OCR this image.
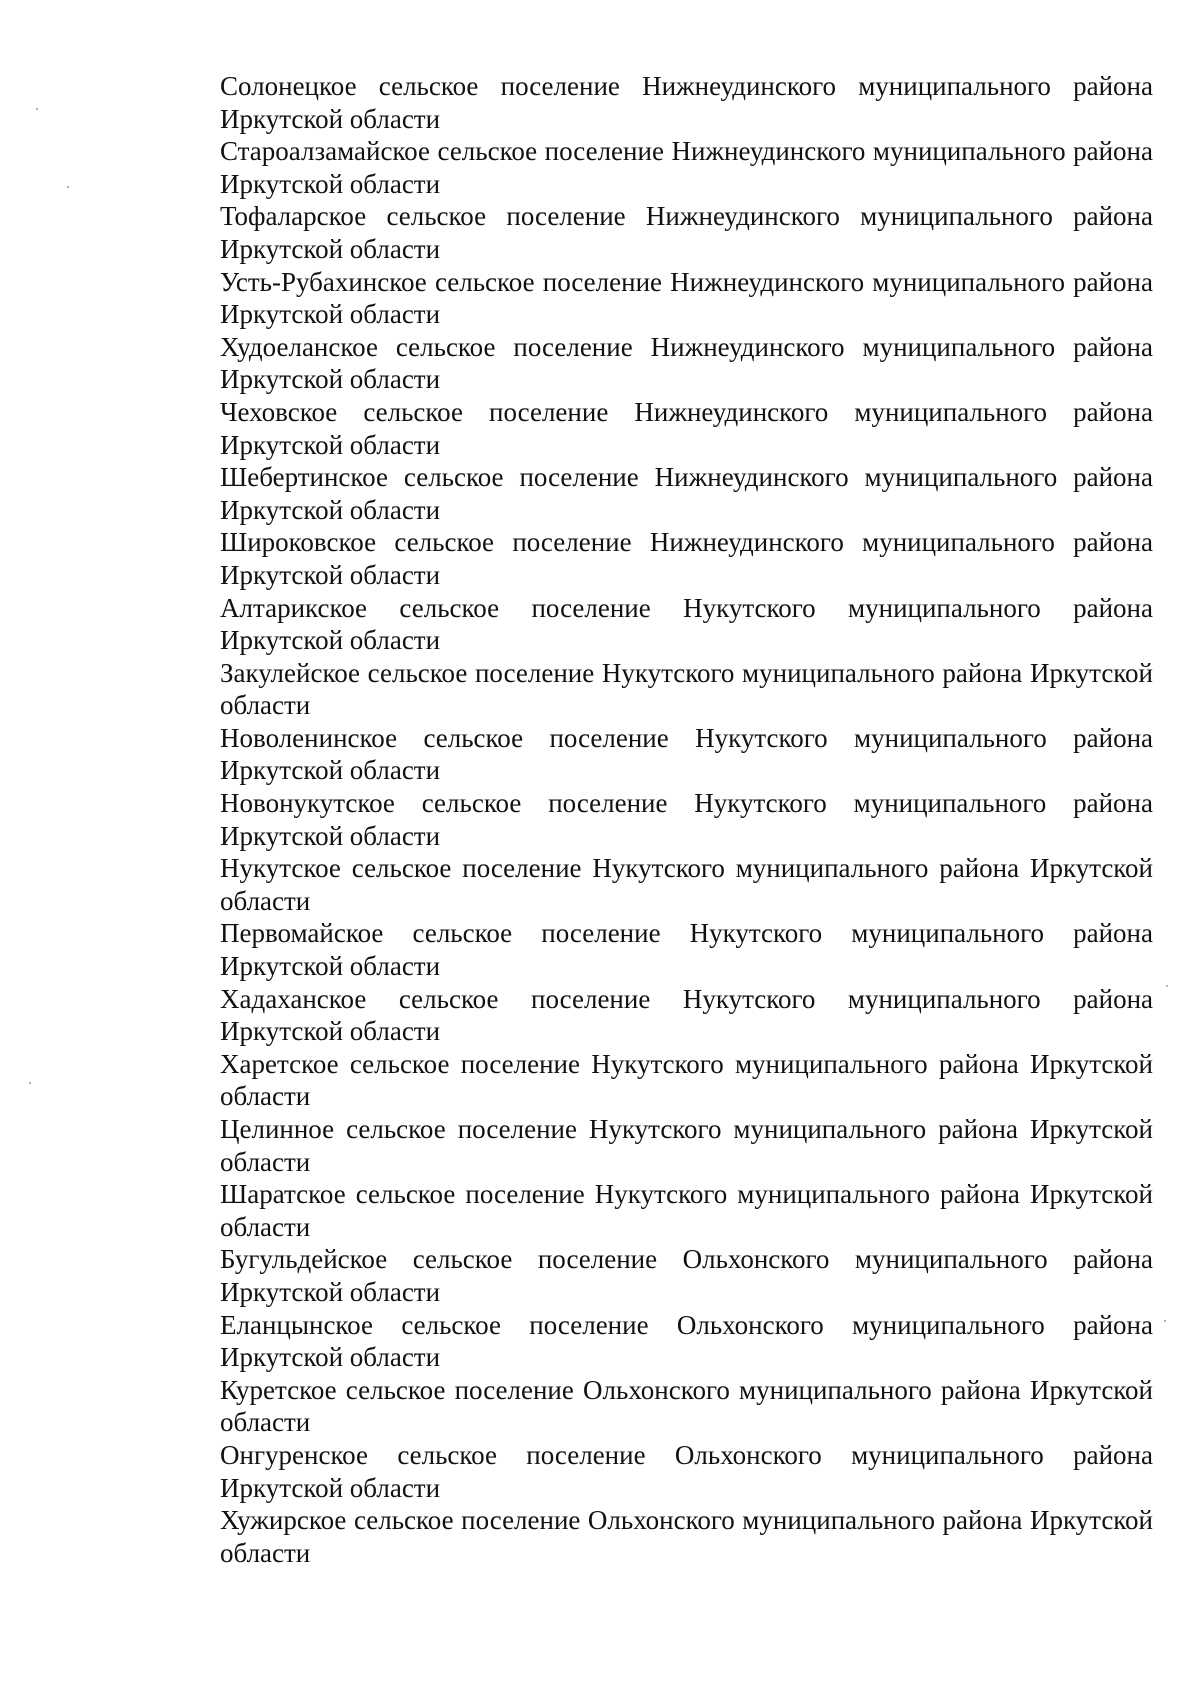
Солонецкое сельское поселение Нижнеудинского муниципального района Иркутской области
Староалзамайское сельское поселение Нижнеудинского муниципального района Иркутской области
Тофаларское сельское поселение Нижнеудинского муниципального района Иркутской области
Усть-Рубахинское сельское поселение Нижнеудинского муниципального района Иркутской области
Худоеланское сельское поселение Нижнеудинского муниципального района Иркутской области
Чеховское сельское поселение Нижнеудинского муниципального района Иркутской области
Шебертинское сельское поселение Нижнеудинского муниципального района Иркутской области
Широковское сельское поселение Нижнеудинского муниципального района Иркутской области
Алтарикское сельское поселение Нукутского муниципального района Иркутской области
Закулейское сельское поселение Нукутского муниципального района Иркутской области
Новоленинское сельское поселение Нукутского муниципального района Иркутской области
Новонукутское сельское поселение Нукутского муниципального района Иркутской области
Нукутское сельское поселение Нукутского муниципального района Иркутской области
Первомайское сельское поселение Нукутского муниципального района Иркутской области
Хадаханское сельское поселение Нукутского муниципального района Иркутской области
Харетское сельское поселение Нукутского муниципального района Иркутской области
Целинное сельское поселение Нукутского муниципального района Иркутской области
Шаратское сельское поселение Нукутского муниципального района Иркутской области
Бугульдейское сельское поселение Ольхонского муниципального района Иркутской области
Еланцынское сельское поселение Ольхонского муниципального района Иркутской области
Куретское сельское поселение Ольхонского муниципального района Иркутской области
Онгуренское сельское поселение Ольхонского муниципального района Иркутской области
Хужирское сельское поселение Ольхонского муниципального района Иркутской области
